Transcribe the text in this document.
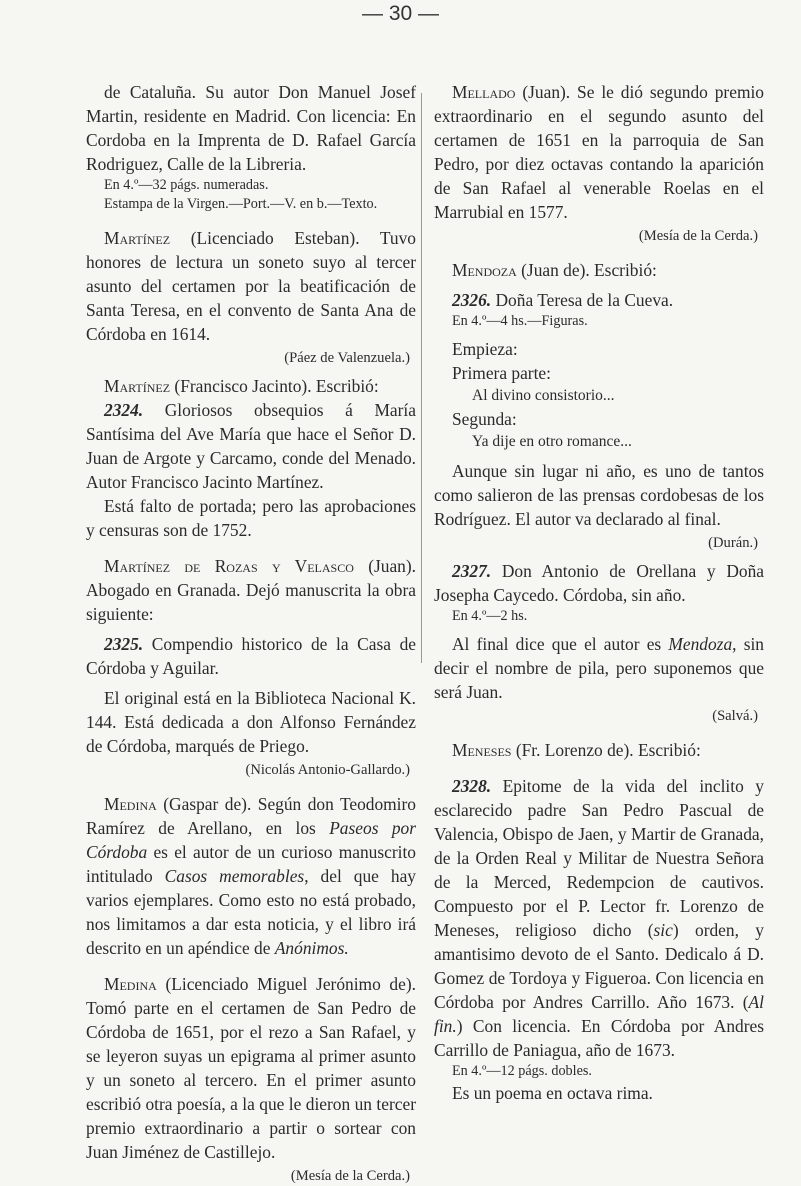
— 30 —

de Cataluña. Su autor Don Manuel Josef Martin, residente en Madrid. Con licencia: En Cordoba en la Imprenta de D. Rafael García Rodriguez, Calle de la Libreria.

En 4.º—32 págs. numeradas.

Estampa de la Virgen.—Port.—V. en b.—Texto.

Martínez (Licenciado Esteban). Tuvo honores de lectura un soneto suyo al tercer asunto del certamen por la beatificación de Santa Teresa, en el convento de Santa Ana de Córdoba en 1614.

(Páez de Valenzuela.)

Martínez (Francisco Jacinto). Escribió:

2324. Gloriosos obsequios á María Santísima del Ave María que hace el Señor D. Juan de Argote y Carcamo, conde del Menado. Autor Francisco Jacinto Martínez.

Está falto de portada; pero las aprobaciones y censuras son de 1752.

Martínez de Rozas y Velasco (Juan). Abogado en Granada. Dejó manuscrita la obra siguiente:

2325. Compendio historico de la Casa de Córdoba y Aguilar.

El original está en la Biblioteca Nacional K. 144. Está dedicada a don Alfonso Fernández de Córdoba, marqués de Priego.

(Nicolás Antonio-Gallardo.)

Medina (Gaspar de). Según don Teodomiro Ramírez de Arellano, en los Paseos por Córdoba es el autor de un curioso manuscrito intitulado Casos memorables, del que hay varios ejemplares. Como esto no está probado, nos limitamos a dar esta noticia, y el libro irá descrito en un apéndice de Anónimos.

Medina (Licenciado Miguel Jerónimo de). Tomó parte en el certamen de San Pedro de Córdoba de 1651, por el rezo a San Rafael, y se leyeron suyas un epigrama al primer asunto y un soneto al tercero. En el primer asunto escribió otra poesía, a la que le dieron un tercer premio extraordinario a partir o sortear con Juan Jiménez de Castillejo.

(Mesía de la Cerda.)

Mellado (Juan). Se le dió segundo premio extraordinario en el segundo asunto del certamen de 1651 en la parroquia de San Pedro, por diez octavas contando la aparición de San Rafael al venerable Roelas en el Marrubial en 1577.

(Mesía de la Cerda.)

Mendoza (Juan de). Escribió:

2326. Doña Teresa de la Cueva.

En 4.º—4 hs.—Figuras.

Empieza:

Primera parte:

Al divino consistorio...

Segunda:

Ya dije en otro romance...

Aunque sin lugar ni año, es uno de tantos como salieron de las prensas cordobesas de los Rodríguez. El autor va declarado al final.

(Durán.)

2327. Don Antonio de Orellana y Doña Josepha Caycedo. Córdoba, sin año.

En 4.º—2 hs.

Al final dice que el autor es Mendoza, sin decir el nombre de pila, pero suponemos que será Juan.

(Salvá.)

Meneses (Fr. Lorenzo de). Escribió:

2328. Epitome de la vida del inclito y esclarecido padre San Pedro Pascual de Valencia, Obispo de Jaen, y Martir de Granada, de la Orden Real y Militar de Nuestra Señora de la Merced, Redempcion de cautivos. Compuesto por el P. Lector fr. Lorenzo de Meneses, religioso dicho (sic) orden, y amantisimo devoto de el Santo. Dedicalo á D. Gomez de Tordoya y Figueroa. Con licencia en Córdoba por Andres Carrillo. Año 1673. (Al fin.) Con licencia. En Córdoba por Andres Carrillo de Paniagua, año de 1673.

En 4.º—12 págs. dobles.

Es un poema en octava rima.
